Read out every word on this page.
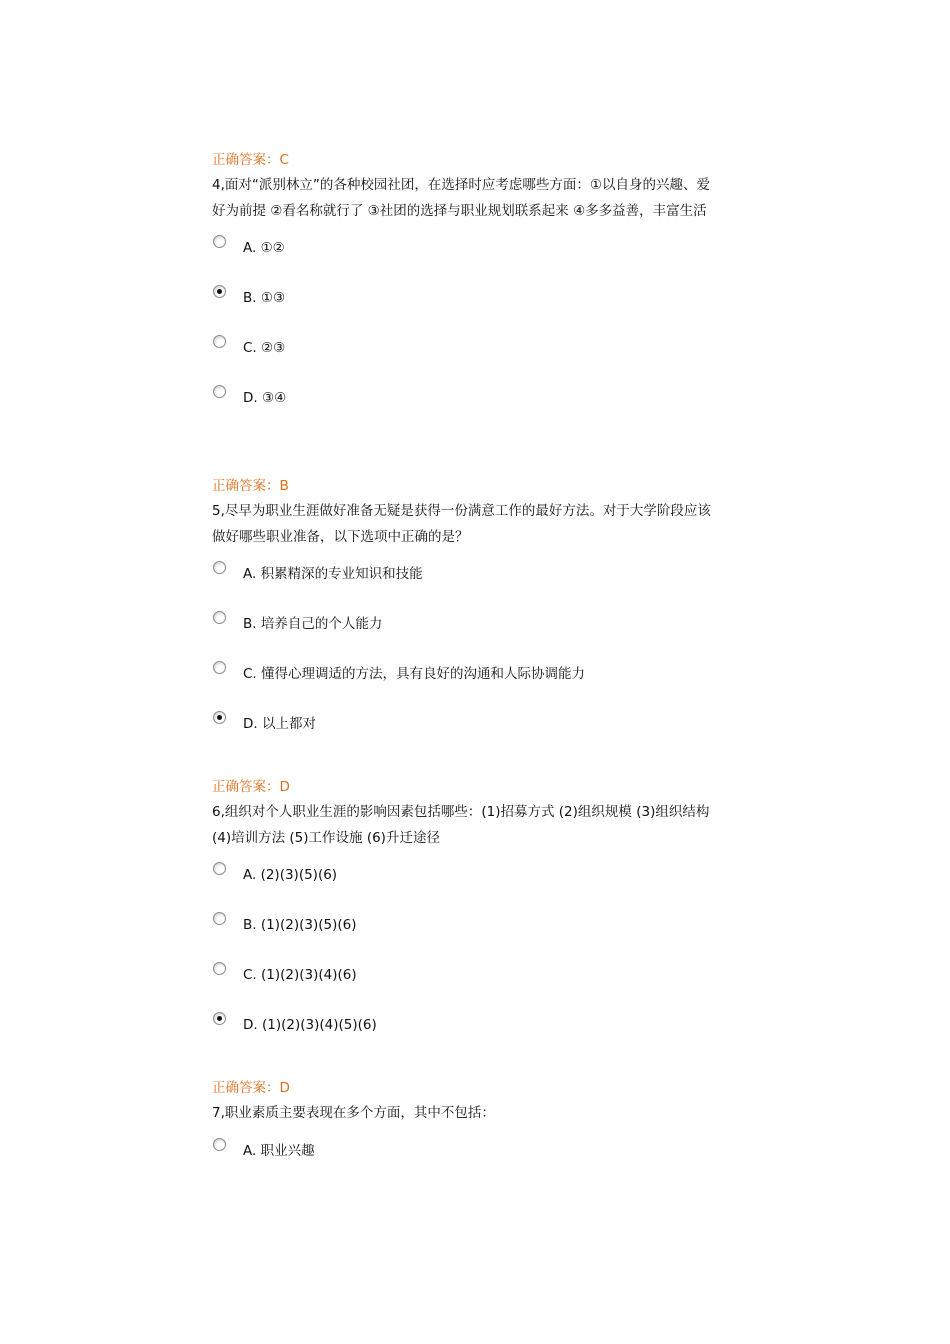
正确答案：C

4,面对“派别林立”的各种校园社团，在选择时应考虑哪些方面：①以自身的兴趣、爱好为前提 ②看名称就行了 ③社团的选择与职业规划联系起来 ④多多益善，丰富生活

A. ①②
B. ①③
C. ②③
D. ③④

正确答案：B

5,尽早为职业生涯做好准备无疑是获得一份满意工作的最好方法。对于大学阶段应该做好哪些职业准备，以下选项中正确的是？

A. 积累精深的专业知识和技能
B. 培养自己的个人能力
C. 懂得心理调适的方法，具有良好的沟通和人际协调能力
D. 以上都对

正确答案：D

6,组织对个人职业生涯的影响因素包括哪些：(1)招募方式 (2)组织规模 (3)组织结构 (4)培训方法 (5)工作设施 (6)升迁途径

A. (2)(3)(5)(6)
B. (1)(2)(3)(5)(6)
C. (1)(2)(3)(4)(6)
D. (1)(2)(3)(4)(5)(6)

正确答案：D

7,职业素质主要表现在多个方面，其中不包括：

A. 职业兴趣
